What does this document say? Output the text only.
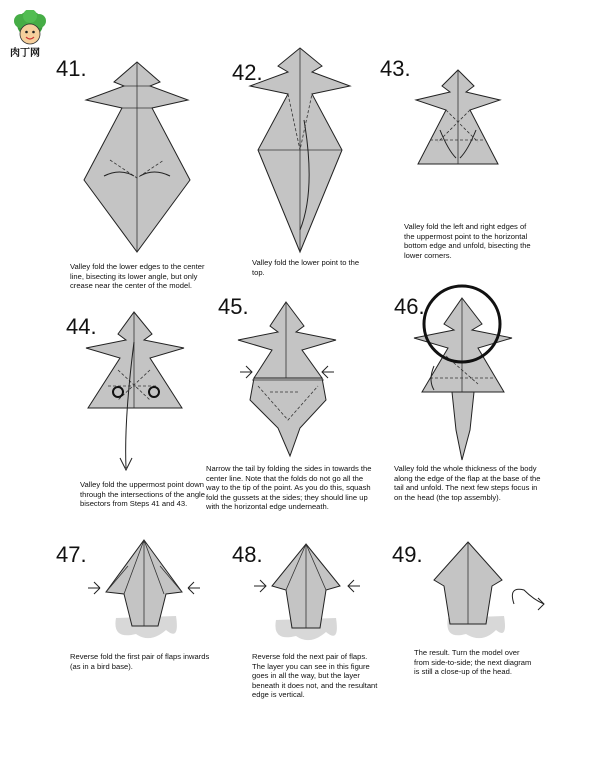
肉丁网
41.	42.	43.
44.
45.	46.
47.	48.	49.
Valley fold the lower edges to the center line, bisecting its lower angle, but only crease near the center of the model.
Valley fold the lower point to the top.
Valley fold the left and right edges of the uppermost point to the horizontal bottom edge and unfold, bisecting the lower corners.
Valley fold the uppermost point down through the intersections of the angle bisectors from Steps 41 and 43.
Narrow the tail by folding the sides in towards the center line. Note that the folds do not go all the way to the tip of the point. As you do this, squash fold the gussets at the sides; they should line up with the horizontal edge underneath.
Valley fold the whole thickness of the body along the edge of the flap at the base of the tail and unfold. The next few steps focus in on the head (the top assembly).
Reverse fold the first pair of flaps inwards (as in a bird base).
Reverse fold the next pair of flaps. The layer you can see in this figure goes in all the way, but the layer beneath it does not, and the resultant edge is vertical.
The result. Turn the model over from side-to-side; the next diagram is still a close-up of the head.
